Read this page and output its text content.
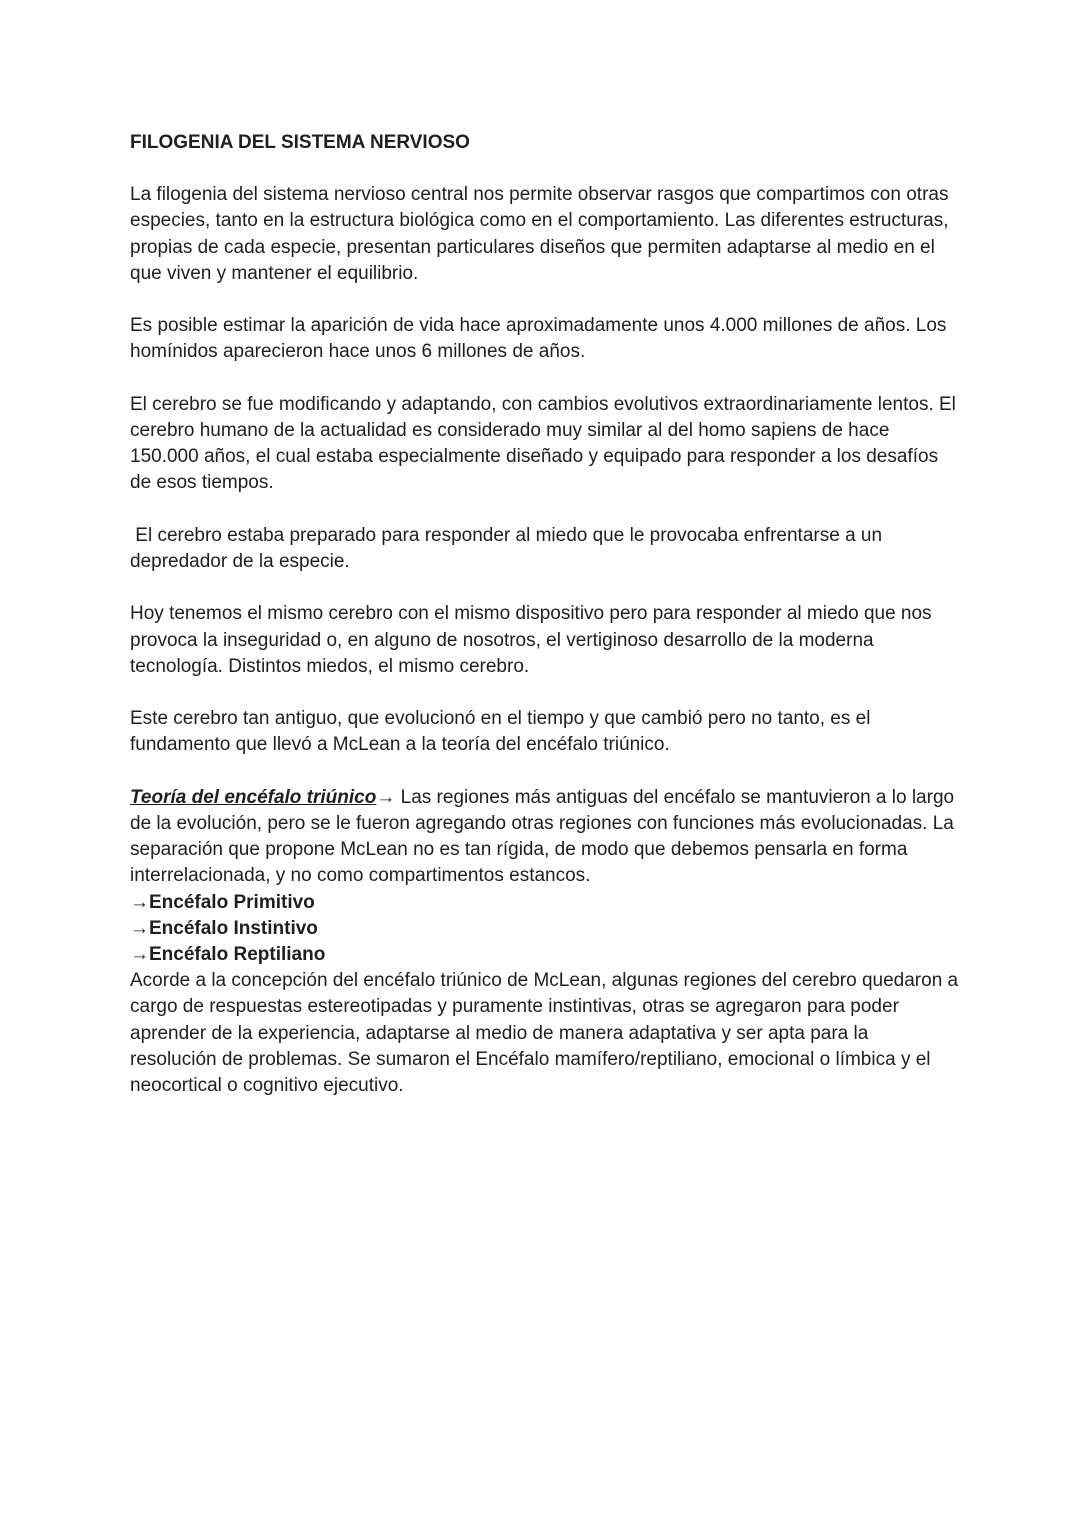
FILOGENIA DEL SISTEMA NERVIOSO

La filogenia del sistema nervioso central nos permite observar rasgos que compartimos con otras especies, tanto en la estructura biológica como en el comportamiento. Las diferentes estructuras, propias de cada especie, presentan particulares diseños que permiten adaptarse al medio en el que viven y mantener el equilibrio.

Es posible estimar la aparición de vida hace aproximadamente unos 4.000 millones de años. Los homínidos aparecieron hace unos 6 millones de años.

El cerebro se fue modificando y adaptando, con cambios evolutivos extraordinariamente lentos. El cerebro humano de la actualidad es considerado muy similar al del homo sapiens de hace 150.000 años, el cual estaba especialmente diseñado y equipado para responder a los desafíos de esos tiempos.

El cerebro estaba preparado para responder al miedo que le provocaba enfrentarse a un depredador de la especie.

Hoy tenemos el mismo cerebro con el mismo dispositivo pero para responder al miedo que nos provoca la inseguridad o, en alguno de nosotros, el vertiginoso desarrollo de la moderna tecnología. Distintos miedos, el mismo cerebro.

Este cerebro tan antiguo, que evolucionó en el tiempo y que cambió pero no tanto, es el fundamento que llevó a McLean a la teoría del encéfalo triúnico.

Teoría del encéfalo triúnico→ Las regiones más antiguas del encéfalo se mantuvieron a lo largo de la evolución, pero se le fueron agregando otras regiones con funciones más evolucionadas. La separación que propone McLean no es tan rígida, de modo que debemos pensarla en forma interrelacionada, y no como compartimentos estancos.
→Encéfalo Primitivo
→Encéfalo Instintivo
→Encéfalo Reptiliano

Acorde a la concepción del encéfalo triúnico de McLean, algunas regiones del cerebro quedaron a cargo de respuestas estereotipadas y puramente instintivas, otras se agregaron para poder aprender de la experiencia, adaptarse al medio de manera adaptativa y ser apta para la resolución de problemas. Se sumaron el Encéfalo mamífero/reptiliano, emocional o límbica y el neocortical o cognitivo ejecutivo.
